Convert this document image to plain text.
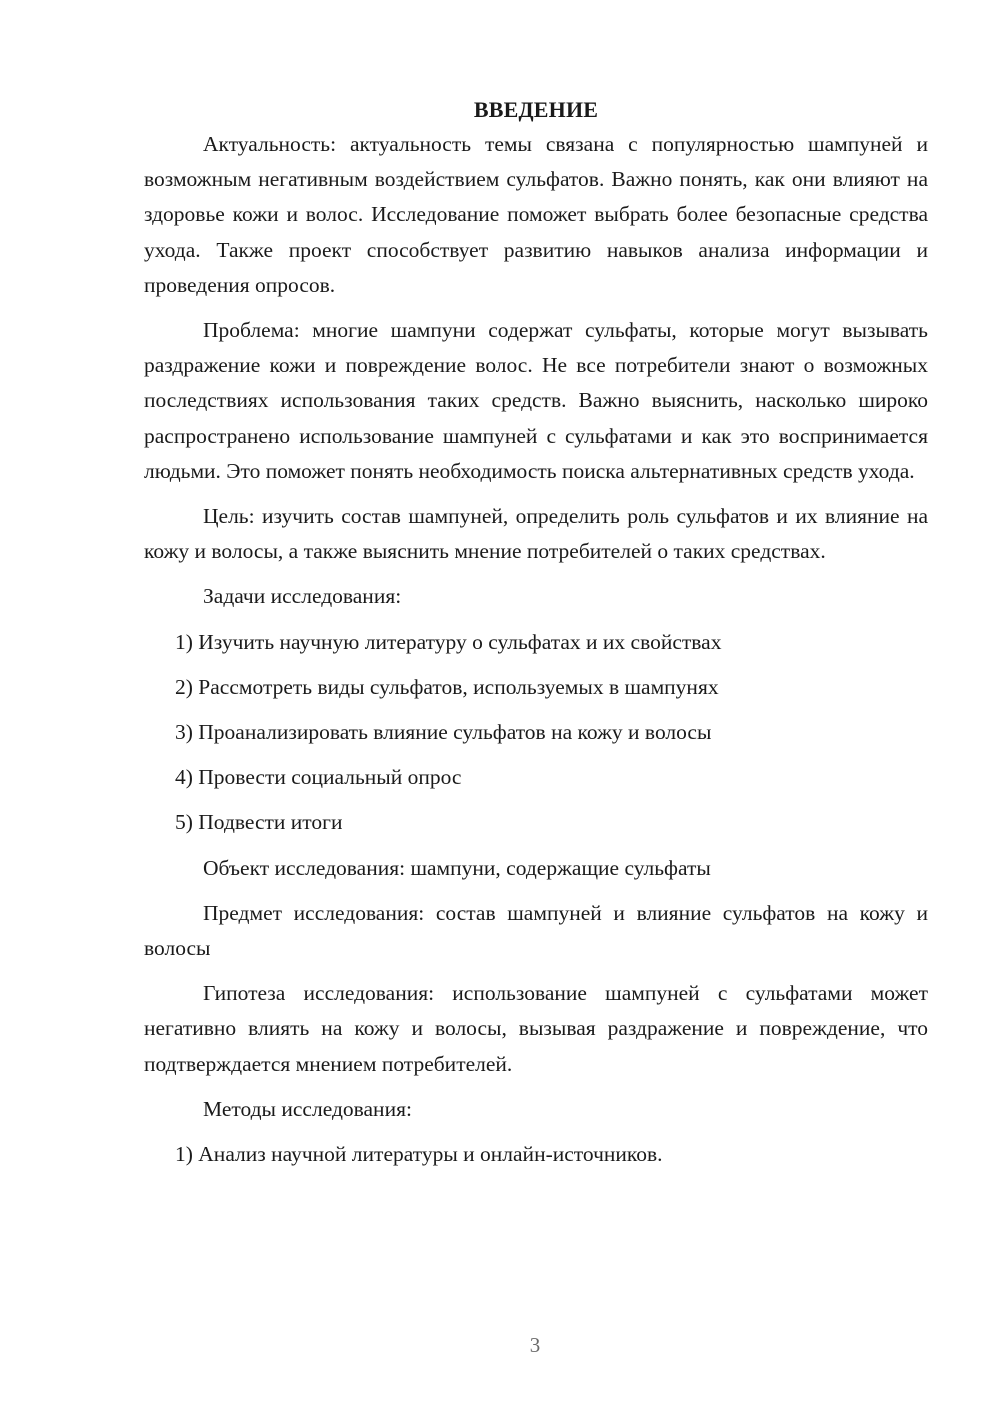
ВВЕДЕНИЕ

Актуальность: актуальность темы связана с популярностью шампуней и возможным негативным воздействием сульфатов. Важно понять, как они влияют на здоровье кожи и волос. Исследование поможет выбрать более безопасные средства ухода. Также проект способствует развитию навыков анализа информации и проведения опросов.

Проблема: многие шампуни содержат сульфаты, которые могут вызывать раздражение кожи и повреждение волос. Не все потребители знают о возможных последствиях использования таких средств. Важно выяснить, насколько широко распространено использование шампуней с сульфатами и как это воспринимается людьми. Это поможет понять необходимость поиска альтернативных средств ухода.

Цель: изучить состав шампуней, определить роль сульфатов и их влияние на кожу и волосы, а также выяснить мнение потребителей о таких средствах.

Задачи исследования:

1) Изучить научную литературу о сульфатах и их свойствах
2) Рассмотреть виды сульфатов, используемых в шампунях
3) Проанализировать влияние сульфатов на кожу и волосы
4) Провести социальный опрос
5) Подвести итоги

Объект исследования: шампуни, содержащие сульфаты

Предмет исследования: состав шампуней и влияние сульфатов на кожу и волосы

Гипотеза исследования: использование шампуней с сульфатами может негативно влиять на кожу и волосы, вызывая раздражение и повреждение, что подтверждается мнением потребителей.

Методы исследования:

1) Анализ научной литературы и онлайн-источников.
3
